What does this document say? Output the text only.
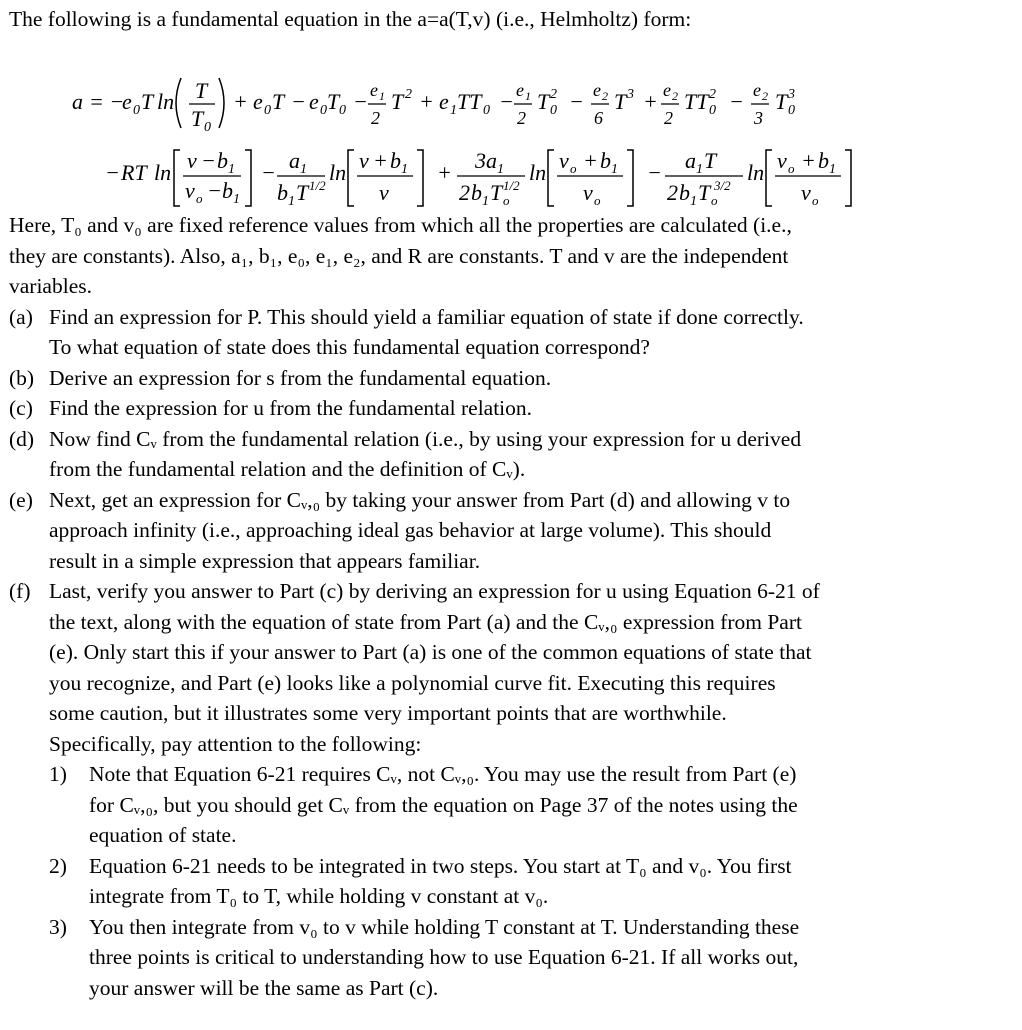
The following is a fundamental equation in the a=a(T,v) (i.e., Helmholtz) form:
a = −
e 0 T ln T
T 0
+ e 0 T − e 0 T 0 − e 1
2
T 2 + e 1 TT 0 − e 1
2
T 2
0 − e 2
6
T 3 + e 2
2
TT 2
0 − e 2
3
T 3
0
− RT ln v − b 1
v o − b 1
− a 1
b 1 T 1/2
ln v + b 1
v
+ 3 a 1
2 b 1 T o
1/2
ln v o + b 1
v o
− a 1 T
2 b 1 T o
3/2
ln v o + b 1
v o
Here, T₀ and v₀ are fixed reference values from which all the properties are calculated (i.e.,
they are constants). Also, a₁, b₁, e₀, e₁, e₂, and R are constants. T and v are the independent
variables.
(a) Find an expression for P. This should yield a familiar equation of state if done correctly.
To what equation of state does this fundamental equation correspond?
(b) Derive an expression for s from the fundamental equation.
(c) Find the expression for u from the fundamental relation.
(d) Now find Cᵥ from the fundamental relation (i.e., by using your expression for u derived
from the fundamental relation and the definition of Cᵥ).
(e) Next, get an expression for Cᵥ,₀ by taking your answer from Part (d) and allowing v to
approach infinity (i.e., approaching ideal gas behavior at large volume). This should
result in a simple expression that appears familiar.
(f) Last, verify you answer to Part (c) by deriving an expression for u using Equation 6-21 of
the text, along with the equation of state from Part (a) and the Cᵥ,₀ expression from Part
(e). Only start this if your answer to Part (a) is one of the common equations of state that
you recognize, and Part (e) looks like a polynomial curve fit. Executing this requires
some caution, but it illustrates some very important points that are worthwhile.
Specifically, pay attention to the following:
1) Note that Equation 6-21 requires Cᵥ, not Cᵥ,₀. You may use the result from Part (e)
for Cᵥ,₀, but you should get Cᵥ from the equation on Page 37 of the notes using the
equation of state.
2) Equation 6-21 needs to be integrated in two steps. You start at T₀ and v₀. You first
integrate from T₀ to T, while holding v constant at v₀.
3) You then integrate from v₀ to v while holding T constant at T. Understanding these
three points is critical to understanding how to use Equation 6-21. If all works out,
your answer will be the same as Part (c).
